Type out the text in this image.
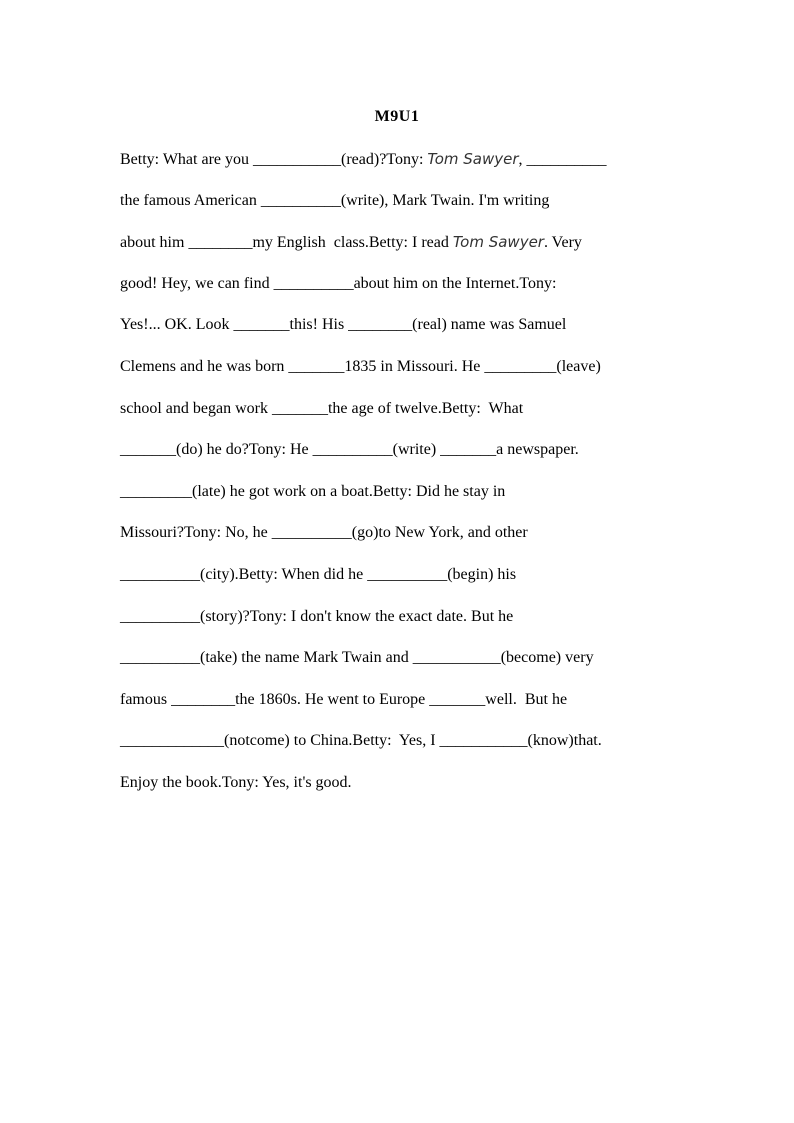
M9U1
Betty: What are you ___________(read)?Tony: Tom Sawyer, __________
the famous American __________(write), Mark Twain. I'm writing
about him ________my English  class.Betty: I read Tom Sawyer. Very
good! Hey, we can find __________about him on the Internet.Tony:
Yes!... OK. Look _______this! His ________(real) name was Samuel
Clemens and he was born _______1835 in Missouri. He _________(leave)
school and began work _______the age of twelve.Betty:  What
_______(do) he do?Tony: He __________(write) _______a newspaper.
_________(late) he got work on a boat.Betty: Did he stay in
Missouri?Tony: No, he __________(go)to New York, and other
__________(city).Betty: When did he __________(begin) his
__________(story)?Tony: I don't know the exact date. But he
__________(take) the name Mark Twain and ___________(become) very
famous ________the 1860s. He went to Europe _______well.  But he
_____________(notcome) to China.Betty:  Yes, I ___________(know)that.
Enjoy the book.Tony: Yes, it's good.
